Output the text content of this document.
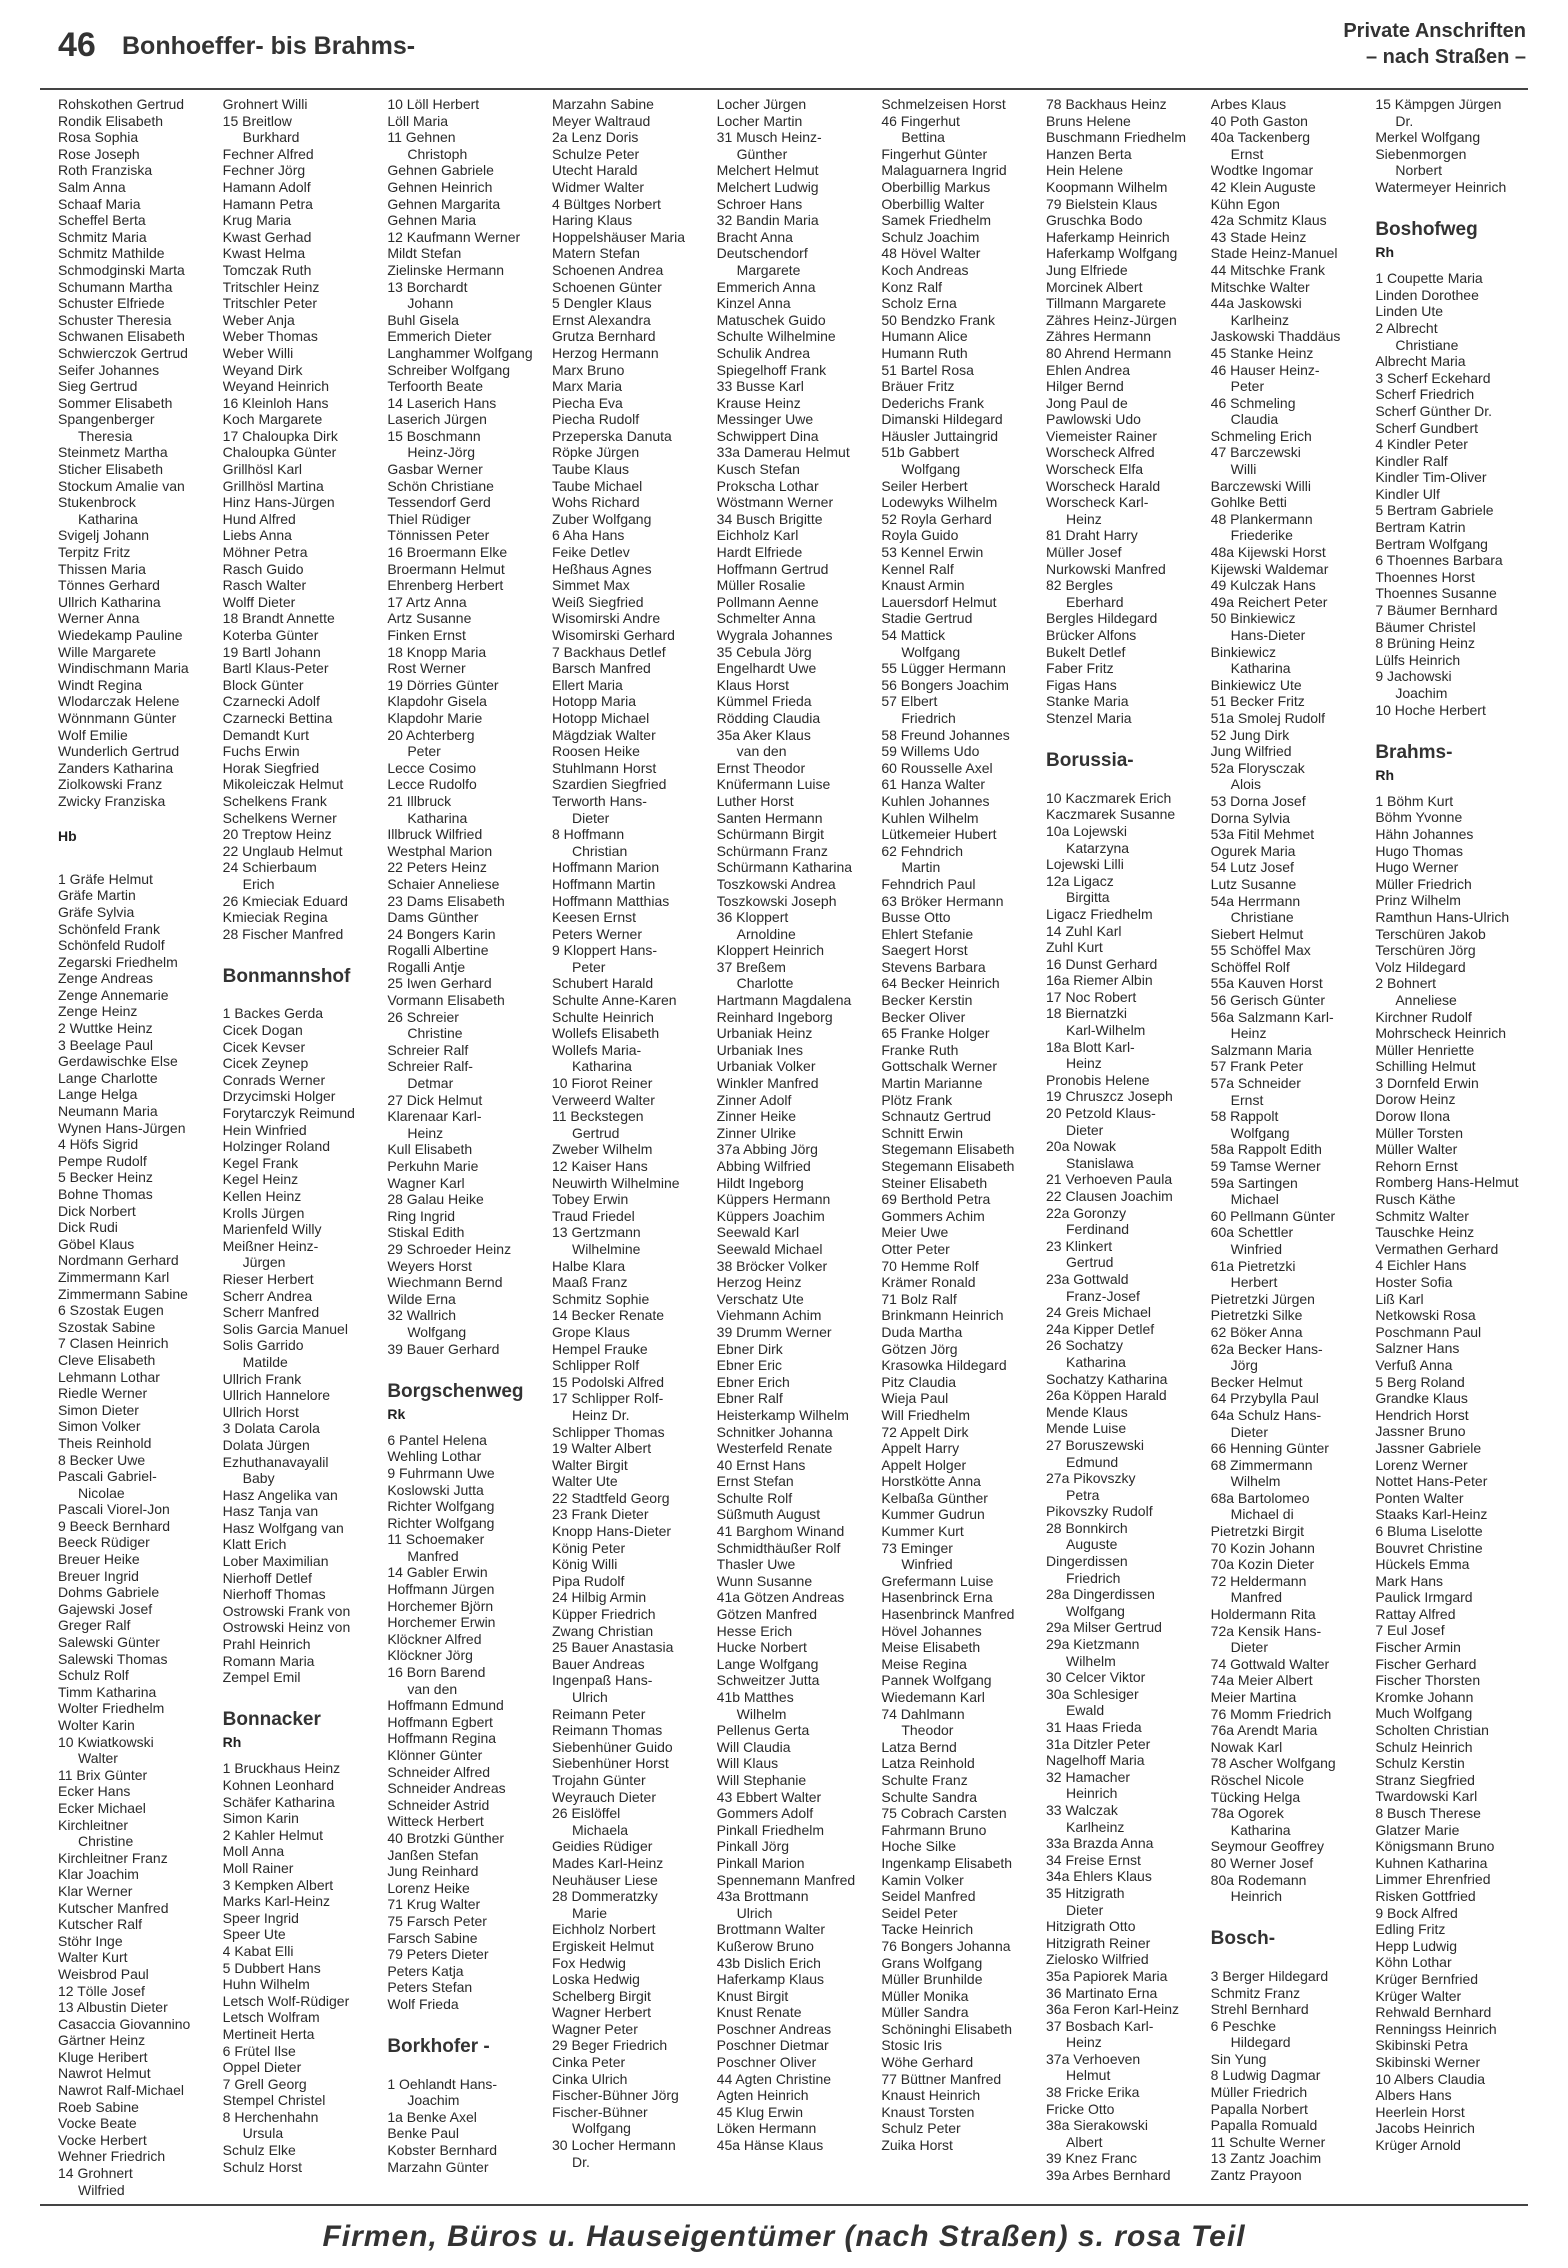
46 Bonhoeffer- bis Brahms-
Private Anschriften
– nach Straßen –
Rohskothen Gertrud
Rondik Elisabeth
Rosa Sophia
Rose Joseph
Roth Franziska
Salm Anna
Schaaf Maria
Scheffel Berta
Schmitz Maria
Schmitz Mathilde
Schmodginski Marta
Schumann Martha
Schuster Elfriede
Schuster Theresia
Schwanen Elisabeth
Schwierczok Gertrud
Seifer Johannes
Sieg Gertrud
Sommer Elisabeth
Spangenberger
Theresia
Steinmetz Martha
Sticher Elisabeth
Stockum Amalie van
Stukenbrock
Katharina
Svigelj Johann
Terpitz Fritz
Thissen Maria
Tönnes Gerhard
Ullrich Katharina
Werner Anna
Wiedekamp Pauline
Wille Margarete
Windischmann Maria
Windt Regina
Wlodarczak Helene
Wönnmann Günter
Wolf Emilie
Wunderlich Gertrud
Zanders Katharina
Ziolkowski Franz
Zwicky Franziska
Hb
1 Gräfe Helmut
Gräfe Martin
Gräfe Sylvia
Schönfeld Frank
Schönfeld Rudolf
Zegarski Friedhelm
Zenge Andreas
Zenge Annemarie
Zenge Heinz
2 Wuttke Heinz
3 Beelage Paul
Gerdawischke Else
Lange Charlotte
Lange Helga
Neumann Maria
Wynen Hans-Jürgen
4 Höfs Sigrid
Pempe Rudolf
5 Becker Heinz
Bohne Thomas
Dick Norbert
Dick Rudi
Göbel Klaus
Nordmann Gerhard
Zimmermann Karl
Zimmermann Sabine
6 Szostak Eugen
Szostak Sabine
7 Clasen Heinrich
Cleve Elisabeth
Lehmann Lothar
Riedle Werner
Simon Dieter
Simon Volker
Theis Reinhold
8 Becker Uwe
Pascali Gabriel-
Nicolae
Pascali Viorel-Jon
9 Beeck Bernhard
Beeck Rüdiger
Breuer Heike
Breuer Ingrid
Dohms Gabriele
Gajewski Josef
Greger Ralf
Salewski Günter
Salewski Thomas
Schulz Rolf
Timm Katharina
Wolter Friedhelm
Wolter Karin
10 Kwiatkowski
Walter
11 Brix Günter
Ecker Hans
Ecker Michael
Kirchleitner
Christine
Kirchleitner Franz
Klar Joachim
Klar Werner
Kutscher Manfred
Kutscher Ralf
Stöhr Inge
Walter Kurt
Weisbrod Paul
12 Tölle Josef
13 Albustin Dieter
Casaccia Giovannino
Gärtner Heinz
Kluge Heribert
Nawrot Helmut
Nawrot Ralf-Michael
Roeb Sabine
Vocke Beate
Vocke Herbert
Wehner Friedrich
14 Grohnert
Wilfried
Grohnert Willi
15 Breitlow
Burkhard
Fechner Alfred
Fechner Jörg
Hamann Adolf
Hamann Petra
Krug Maria
Kwast Gerhad
Kwast Helma
Tomczak Ruth
Tritschler Heinz
Tritschler Peter
Weber Anja
Weber Thomas
Weber Willi
Weyand Dirk
Weyand Heinrich
16 Kleinloh Hans
Koch Margarete
17 Chaloupka Dirk
Chaloupka Günter
Grillhösl Karl
Grillhösl Martina
Hinz Hans-Jürgen
Hund Alfred
Liebs Anna
Möhner Petra
Rasch Guido
Rasch Walter
Wolff Dieter
18 Brandt Annette
Koterba Günter
19 Bartl Johann
Bartl Klaus-Peter
Block Günter
Czarnecki Adolf
Czarnecki Bettina
Demandt Kurt
Fuchs Erwin
Horak Siegfried
Mikoleiczak Helmut
Schelkens Frank
Schelkens Werner
20 Treptow Heinz
22 Unglaub Helmut
24 Schierbaum
Erich
26 Kmieciak Eduard
Kmieciak Regina
28 Fischer Manfred
Bonmannshof
1 Backes Gerda
Cicek Dogan
Cicek Kevser
Cicek Zeynep
Conrads Werner
Drzycimski Holger
Forytarczyk Reimund
Hein Winfried
Holzinger Roland
Kegel Frank
Kegel Heinz
Kellen Heinz
Krolls Jürgen
Marienfeld Willy
Meißner Heinz-
Jürgen
Rieser Herbert
Scherr Andrea
Scherr Manfred
Solis Garcia Manuel
Solis Garrido
Matilde
Ullrich Frank
Ullrich Hannelore
Ullrich Horst
3 Dolata Carola
Dolata Jürgen
Ezhuthanavayalil
Baby
Hasz Angelika van
Hasz Tanja van
Hasz Wolfgang van
Klatt Erich
Lober Maximilian
Nierhoff Detlef
Nierhoff Thomas
Ostrowski Frank von
Ostrowski Heinz von
Prahl Heinrich
Romann Maria
Zempel Emil
Bonnacker
Rh
1 Bruckhaus Heinz
Kohnen Leonhard
Schäfer Katharina
Simon Karin
2 Kahler Helmut
Moll Anna
Moll Rainer
3 Kempken Albert
Marks Karl-Heinz
Speer Ingrid
Speer Ute
4 Kabat Elli
5 Dubbert Hans
Huhn Wilhelm
Letsch Wolf-Rüdiger
Letsch Wolfram
Mertineit Herta
6 Frütel Ilse
Oppel Dieter
7 Grell Georg
Stempel Christel
8 Herchenhahn
Ursula
Schulz Elke
Schulz Horst
10 Löll Herbert
Löll Maria
11 Gehnen
Christoph
Gehnen Gabriele
Gehnen Heinrich
Gehnen Margarita
Gehnen Maria
12 Kaufmann Werner
Mildt Stefan
Zielinske Hermann
13 Borchardt
Johann
Buhl Gisela
Emmerich Dieter
Langhammer Wolfgang
Schreiber Wolfgang
Terfoorth Beate
14 Laserich Hans
Laserich Jürgen
15 Boschmann
Heinz-Jörg
Gasbar Werner
Schön Christiane
Tessendorf Gerd
Thiel Rüdiger
Tönnissen Peter
16 Broermann Elke
Broermann Helmut
Ehrenberg Herbert
17 Artz Anna
Artz Susanne
Finken Ernst
18 Knopp Maria
Rost Werner
19 Dörries Günter
Klapdohr Gisela
Klapdohr Marie
20 Achterberg
Peter
Lecce Cosimo
Lecce Rudolfo
21 Illbruck
Katharina
Illbruck Wilfried
Westphal Marion
22 Peters Heinz
Schaier Anneliese
23 Dams Elisabeth
Dams Günther
24 Bongers Karin
Rogalli Albertine
Rogalli Antje
25 Iwen Gerhard
Vormann Elisabeth
26 Schreier
Christine
Schreier Ralf
Schreier Ralf-
Detmar
27 Dick Helmut
Klarenaar Karl-
Heinz
Kull Elisabeth
Perkuhn Marie
Wagner Karl
28 Galau Heike
Ring Ingrid
Stiskal Edith
29 Schroeder Heinz
Weyers Horst
Wiechmann Bernd
Wilde Erna
32 Wallrich
Wolfgang
39 Bauer Gerhard
Borgschenweg
Rk
6 Pantel Helena
Wehling Lothar
9 Fuhrmann Uwe
Koslowski Jutta
Richter Wolfgang
Richter Wolfgang
11 Schoemaker
Manfred
14 Gabler Erwin
Hoffmann Jürgen
Horchemer Björn
Horchemer Erwin
Klöckner Alfred
Klöckner Jörg
16 Born Barend
van den
Hoffmann Edmund
Hoffmann Egbert
Hoffmann Regina
Klönner Günter
Schneider Alfred
Schneider Andreas
Schneider Astrid
Witteck Herbert
40 Brotzki Günther
Janßen Stefan
Jung Reinhard
Lorenz Heike
71 Krug Walter
75 Farsch Peter
Farsch Sabine
79 Peters Dieter
Peters Katja
Peters Stefan
Wolf Frieda
Borkhofer -
1 Oehlandt Hans-
Joachim
1a Benke Axel
Benke Paul
Kobster Bernhard
Marzahn Günter
Marzahn Sabine
Meyer Waltraud
2a Lenz Doris
Schulze Peter
Utecht Harald
Widmer Walter
4 Bültges Norbert
Haring Klaus
Hoppelshäuser Maria
Matern Stefan
Schoenen Andrea
Schoenen Günter
5 Dengler Klaus
Ernst Alexandra
Grutza Bernhard
Herzog Hermann
Marx Bruno
Marx Maria
Piecha Eva
Piecha Rudolf
Przeperska Danuta
Röpke Jürgen
Taube Klaus
Taube Michael
Wohs Richard
Zuber Wolfgang
6 Aha Hans
Feike Detlev
Heßhaus Agnes
Simmet Max
Weiß Siegfried
Wisomirski Andre
Wisomirski Gerhard
7 Backhaus Detlef
Barsch Manfred
Ellert Maria
Hotopp Maria
Hotopp Michael
Mägdziak Walter
Roosen Heike
Stuhlmann Horst
Szardien Siegfried
Terworth Hans-
Dieter
8 Hoffmann
Christian
Hoffmann Marion
Hoffmann Martin
Hoffmann Matthias
Keesen Ernst
Peters Werner
9 Kloppert Hans-
Peter
Schubert Harald
Schulte Anne-Karen
Schulte Heinrich
Wollefs Elisabeth
Wollefs Maria-
Katharina
10 Fiorot Reiner
Verweerd Walter
11 Beckstegen
Gertrud
Zweber Wilhelm
12 Kaiser Hans
Neuwirth Wilhelmine
Tobey Erwin
Traud Friedel
13 Gertzmann
Wilhelmine
Halbe Klara
Maaß Franz
Schmitz Sophie
14 Becker Renate
Grope Klaus
Hempel Frauke
Schlipper Rolf
15 Podolski Alfred
17 Schlipper Rolf-
Heinz Dr.
Schlipper Thomas
19 Walter Albert
Walter Birgit
Walter Ute
22 Stadtfeld Georg
23 Frank Dieter
Knopp Hans-Dieter
König Peter
König Willi
Pipa Rudolf
24 Hilbig Armin
Küpper Friedrich
Zwang Christian
25 Bauer Anastasia
Bauer Andreas
Ingenpaß Hans-
Ulrich
Reimann Peter
Reimann Thomas
Siebenhüner Guido
Siebenhüner Horst
Trojahn Günter
Weyrauch Dieter
26 Eislöffel
Michaela
Geidies Rüdiger
Mades Karl-Heinz
Neuhäuser Liese
28 Dommeratzky
Marie
Eichholz Norbert
Ergiskeit Helmut
Fox Hedwig
Loska Hedwig
Schelberg Birgit
Wagner Herbert
Wagner Peter
29 Beger Friedrich
Cinka Peter
Cinka Ulrich
Fischer-Bühner Jörg
Fischer-Bühner
Wolfgang
30 Locher Hermann
Dr.
Locher Jürgen
Locher Martin
31 Musch Heinz-
Günther
Melchert Helmut
Melchert Ludwig
Schroer Hans
32 Bandin Maria
Bracht Anna
Deutschendorf
Margarete
Emmerich Anna
Kinzel Anna
Matuschek Guido
Schulte Wilhelmine
Schulik Andrea
Spiegelhoff Frank
33 Busse Karl
Krause Heinz
Messinger Uwe
Schwippert Dina
33a Damerau Helmut
Kusch Stefan
Prokscha Lothar
Wöstmann Werner
34 Busch Brigitte
Eichholz Karl
Hardt Elfriede
Hoffmann Gertrud
Müller Rosalie
Pollmann Aenne
Schmelter Anna
Wygrala Johannes
35 Cebula Jörg
Engelhardt Uwe
Klaus Horst
Kümmel Frieda
Rödding Claudia
35a Aker Klaus
van den
Ernst Theodor
Knüfermann Luise
Luther Horst
Santen Hermann
Schürmann Birgit
Schürmann Franz
Schürmann Katharina
Toszkowski Andrea
Toszkowski Joseph
36 Kloppert
Arnoldine
Kloppert Heinrich
37 Breßem
Charlotte
Hartmann Magdalena
Reinhard Ingeborg
Urbaniak Heinz
Urbaniak Ines
Urbaniak Volker
Winkler Manfred
Zinner Adolf
Zinner Heike
Zinner Ulrike
37a Abbing Jörg
Abbing Wilfried
Hildt Ingeborg
Küppers Hermann
Küppers Joachim
Seewald Karl
Seewald Michael
38 Bröcker Volker
Herzog Heinz
Verschatz Ute
Viehmann Achim
39 Drumm Werner
Ebner Dirk
Ebner Eric
Ebner Erich
Ebner Ralf
Heisterkamp Wilhelm
Schnitker Johanna
Westerfeld Renate
40 Ernst Hans
Ernst Stefan
Schulte Rolf
Süßmuth August
41 Barghom Winand
Schmidthäußer Rolf
Thasler Uwe
Wunn Susanne
41a Götzen Andreas
Götzen Manfred
Hesse Erich
Hucke Norbert
Lange Wolfgang
Schweitzer Jutta
41b Matthes
Wilhelm
Pellenus Gerta
Will Claudia
Will Klaus
Will Stephanie
43 Ebbert Walter
Gommers Adolf
Pinkall Friedhelm
Pinkall Jörg
Pinkall Marion
Spennemann Manfred
43a Brottmann
Ulrich
Brottmann Walter
Kußerow Bruno
43b Dislich Erich
Haferkamp Klaus
Knust Birgit
Knust Renate
Poschner Andreas
Poschner Dietmar
Poschner Oliver
44 Agten Christine
Agten Heinrich
45 Klug Erwin
Löken Hermann
45a Hänse Klaus
Schmelzeisen Horst
46 Fingerhut
Bettina
Fingerhut Günter
Malaguarnera Ingrid
Oberbillig Markus
Oberbillig Walter
Samek Friedhelm
Schulz Joachim
48 Hövel Walter
Koch Andreas
Konz Ralf
Scholz Erna
50 Bendzko Frank
Humann Alice
Humann Ruth
51 Bartel Rosa
Bräuer Fritz
Dederichs Frank
Dimanski Hildegard
Häusler Juttaingrid
51b Gabbert
Wolfgang
Seiler Herbert
Lodewyks Wilhelm
52 Royla Gerhard
Royla Guido
53 Kennel Erwin
Kennel Ralf
Knaust Armin
Lauersdorf Helmut
Stadie Gertrud
54 Mattick
Wolfgang
55 Lügger Hermann
56 Bongers Joachim
57 Elbert
Friedrich
58 Freund Johannes
59 Willems Udo
60 Rousselle Axel
61 Hanza Walter
Kuhlen Johannes
Kuhlen Wilhelm
Lütkemeier Hubert
62 Fehndrich
Martin
Fehndrich Paul
63 Bröker Hermann
Busse Otto
Ehlert Stefanie
Saegert Horst
Stevens Barbara
64 Becker Heinrich
Becker Kerstin
Becker Oliver
65 Franke Holger
Franke Ruth
Gottschalk Werner
Martin Marianne
Plötz Frank
Schnautz Gertrud
Schnitt Erwin
Stegemann Elisabeth
Stegemann Elisabeth
Steiner Elisabeth
69 Berthold Petra
Gommers Achim
Meier Uwe
Otter Peter
70 Hemme Rolf
Krämer Ronald
71 Bolz Ralf
Brinkmann Heinrich
Duda Martha
Götzen Jörg
Krasowka Hildegard
Pitz Claudia
Wieja Paul
Will Friedhelm
72 Appelt Dirk
Appelt Harry
Appelt Holger
Horstkötte Anna
Kelbaßa Günther
Kummer Gudrun
Kummer Kurt
73 Eminger
Winfried
Grefermann Luise
Hasenbrinck Erna
Hasenbrinck Manfred
Hövel Johannes
Meise Elisabeth
Meise Regina
Pannek Wolfgang
Wiedemann Karl
74 Dahlmann
Theodor
Latza Bernd
Latza Reinhold
Schulte Franz
Schulte Sandra
75 Cobrach Carsten
Fahrmann Bruno
Hoche Silke
Ingenkamp Elisabeth
Kamin Volker
Seidel Manfred
Seidel Peter
Tacke Heinrich
76 Bongers Johanna
Grans Wolfgang
Müller Brunhilde
Müller Monika
Müller Sandra
Schöninghi Elisabeth
Stosic Iris
Wöhe Gerhard
77 Büttner Manfred
Knaust Heinrich
Knaust Torsten
Schulz Peter
Zuika Horst
78 Backhaus Heinz
Bruns Helene
Buschmann Friedhelm
Hanzen Berta
Hein Helene
Koopmann Wilhelm
79 Bielstein Klaus
Gruschka Bodo
Haferkamp Heinrich
Haferkamp Wolfgang
Jung Elfriede
Morcinek Albert
Tillmann Margarete
Zähres Heinz-Jürgen
Zähres Hermann
80 Ahrend Hermann
Ehlen Andrea
Hilger Bernd
Jong Paul de
Pawlowski Udo
Viemeister Rainer
Worscheck Alfred
Worscheck Elfa
Worscheck Harald
Worscheck Karl-
Heinz
81 Draht Harry
Müller Josef
Nurkowski Manfred
82 Bergles
Eberhard
Bergles Hildegard
Brücker Alfons
Bukelt Detlef
Faber Fritz
Figas Hans
Stanke Maria
Stenzel Maria
Borussia-
10 Kaczmarek Erich
Kaczmarek Susanne
10a Lojewski
Katarzyna
Lojewski Lilli
12a Ligacz
Birgitta
Ligacz Friedhelm
14 Zuhl Karl
Zuhl Kurt
16 Dunst Gerhard
16a Riemer Albin
17 Noc Robert
18 Biernatzki
Karl-Wilhelm
18a Blott Karl-
Heinz
Pronobis Helene
19 Chruszcz Joseph
20 Petzold Klaus-
Dieter
20a Nowak
Stanislawa
21 Verhoeven Paula
22 Clausen Joachim
22a Goronzy
Ferdinand
23 Klinkert
Gertrud
23a Gottwald
Franz-Josef
24 Greis Michael
24a Kipper Detlef
26 Sochatzy
Katharina
Sochatzy Katharina
26a Köppen Harald
Mende Klaus
Mende Luise
27 Boruszewski
Edmund
27a Pikovszky
Petra
Pikovszky Rudolf
28 Bonnkirch
Auguste
Dingerdissen
Friedrich
28a Dingerdissen
Wolfgang
29a Milser Gertrud
29a Kietzmann
Wilhelm
30 Celcer Viktor
30a Schlesiger
Ewald
31 Haas Frieda
31a Ditzler Peter
Nagelhoff Maria
32 Hamacher
Heinrich
33 Walczak
Karlheinz
33a Brazda Anna
34 Freise Ernst
34a Ehlers Klaus
35 Hitzigrath
Dieter
Hitzigrath Otto
Hitzigrath Reiner
Zielosko Wilfried
35a Papiorek Maria
36 Martinato Erna
36a Feron Karl-Heinz
37 Bosbach Karl-
Heinz
37a Verhoeven
Helmut
38 Fricke Erika
Fricke Otto
38a Sierakowski
Albert
39 Knez Franc
39a Arbes Bernhard
Arbes Klaus
40 Poth Gaston
40a Tackenberg
Ernst
Wodtke Ingomar
42 Klein Auguste
Kühn Egon
42a Schmitz Klaus
43 Stade Heinz
Stade Heinz-Manuel
44 Mitschke Frank
Mitschke Walter
44a Jaskowski
Karlheinz
Jaskowski Thaddäus
45 Stanke Heinz
46 Hauser Heinz-
Peter
46 Schmeling
Claudia
Schmeling Erich
47 Barczewski
Willi
Barczewski Willi
Gohlke Betti
48 Plankermann
Friederike
48a Kijewski Horst
Kijewski Waldemar
49 Kulczak Hans
49a Reichert Peter
50 Binkiewicz
Hans-Dieter
Binkiewicz
Katharina
Binkiewicz Ute
51 Becker Fritz
51a Smolej Rudolf
52 Jung Dirk
Jung Wilfried
52a Florysczak
Alois
53 Dorna Josef
Dorna Sylvia
53a Fitil Mehmet
Ogurek Maria
54 Lutz Josef
Lutz Susanne
54a Herrmann
Christiane
Siebert Helmut
55 Schöffel Max
Schöffel Rolf
55a Kauven Horst
56 Gerisch Günter
56a Salzmann Karl-
Heinz
Salzmann Maria
57 Frank Peter
57a Schneider
Ernst
58 Rappolt
Wolfgang
58a Rappolt Edith
59 Tamse Werner
59a Sartingen
Michael
60 Pellmann Günter
60a Schettler
Winfried
61a Pietretzki
Herbert
Pietretzki Jürgen
Pietretzki Silke
62 Böker Anna
62a Becker Hans-
Jörg
Becker Helmut
64 Przybylla Paul
64a Schulz Hans-
Dieter
66 Henning Günter
68 Zimmermann
Wilhelm
68a Bartolomeo
Michael di
Pietretzki Birgit
70 Kozin Johann
70a Kozin Dieter
72 Heldermann
Manfred
Holdermann Rita
72a Kensik Hans-
Dieter
74 Gottwald Walter
74a Meier Albert
Meier Martina
76 Momm Friedrich
76a Arendt Maria
Nowak Karl
78 Ascher Wolfgang
Röschel Nicole
Tücking Helga
78a Ogorek
Katharina
Seymour Geoffrey
80 Werner Josef
80a Rodemann
Heinrich
Bosch-
3 Berger Hildegard
Schmitz Franz
Strehl Bernhard
6 Peschke
Hildegard
Sin Yung
8 Ludwig Dagmar
Müller Friedrich
Papalla Norbert
Papalla Romuald
11 Schulte Werner
13 Zantz Joachim
Zantz Prayoon
15 Kämpgen Jürgen
Dr.
Merkel Wolfgang
Siebenmorgen
Norbert
Watermeyer Heinrich
Boshofweg
Rh
1 Coupette Maria
Linden Dorothee
Linden Ute
2 Albrecht
Christiane
Albrecht Maria
3 Scherf Eckehard
Scherf Friedrich
Scherf Günther Dr.
Scherf Gundbert
4 Kindler Peter
Kindler Ralf
Kindler Tim-Oliver
Kindler Ulf
5 Bertram Gabriele
Bertram Katrin
Bertram Wolfgang
6 Thoennes Barbara
Thoennes Horst
Thoennes Susanne
7 Bäumer Bernhard
Bäumer Christel
8 Brüning Heinz
Lülfs Heinrich
9 Jachowski
Joachim
10 Hoche Herbert
Brahms-
Rh
1 Böhm Kurt
Böhm Yvonne
Hähn Johannes
Hugo Thomas
Hugo Werner
Müller Friedrich
Prinz Wilhelm
Ramthun Hans-Ulrich
Terschüren Jakob
Terschüren Jörg
Volz Hildegard
2 Bohnert
Anneliese
Kirchner Rudolf
Mohrscheck Heinrich
Müller Henriette
Schilling Helmut
3 Dornfeld Erwin
Dorow Heinz
Dorow Ilona
Müller Torsten
Müller Walter
Rehorn Ernst
Romberg Hans-Helmut
Rusch Käthe
Schmitz Walter
Tauschke Heinz
Vermathen Gerhard
4 Eichler Hans
Hoster Sofia
Liß Karl
Netkowski Rosa
Poschmann Paul
Salzner Hans
Verfuß Anna
5 Berg Roland
Grandke Klaus
Hendrich Horst
Jassner Bruno
Jassner Gabriele
Lorenz Werner
Nottet Hans-Peter
Ponten Walter
Staaks Karl-Heinz
6 Bluma Liselotte
Bouvret Christine
Hückels Emma
Mark Hans
Paulick Irmgard
Rattay Alfred
7 Eul Josef
Fischer Armin
Fischer Gerhard
Fischer Thorsten
Kromke Johann
Much Wolfgang
Scholten Christian
Schulz Heinrich
Schulz Kerstin
Stranz Siegfried
Twardowski Karl
8 Busch Therese
Glatzer Marie
Königsmann Bruno
Kuhnen Katharina
Limmer Ehrenfried
Risken Gottfried
9 Bock Alfred
Edling Fritz
Hepp Ludwig
Köhn Lothar
Krüger Bernfried
Krüger Walter
Rehwald Bernhard
Renningss Heinrich
Skibinski Petra
Skibinski Werner
10 Albers Claudia
Albers Hans
Heerlein Horst
Jacobs Heinrich
Krüger Arnold
Firmen, Büros u. Hauseigentümer (nach Straßen) s. rosa Teil
